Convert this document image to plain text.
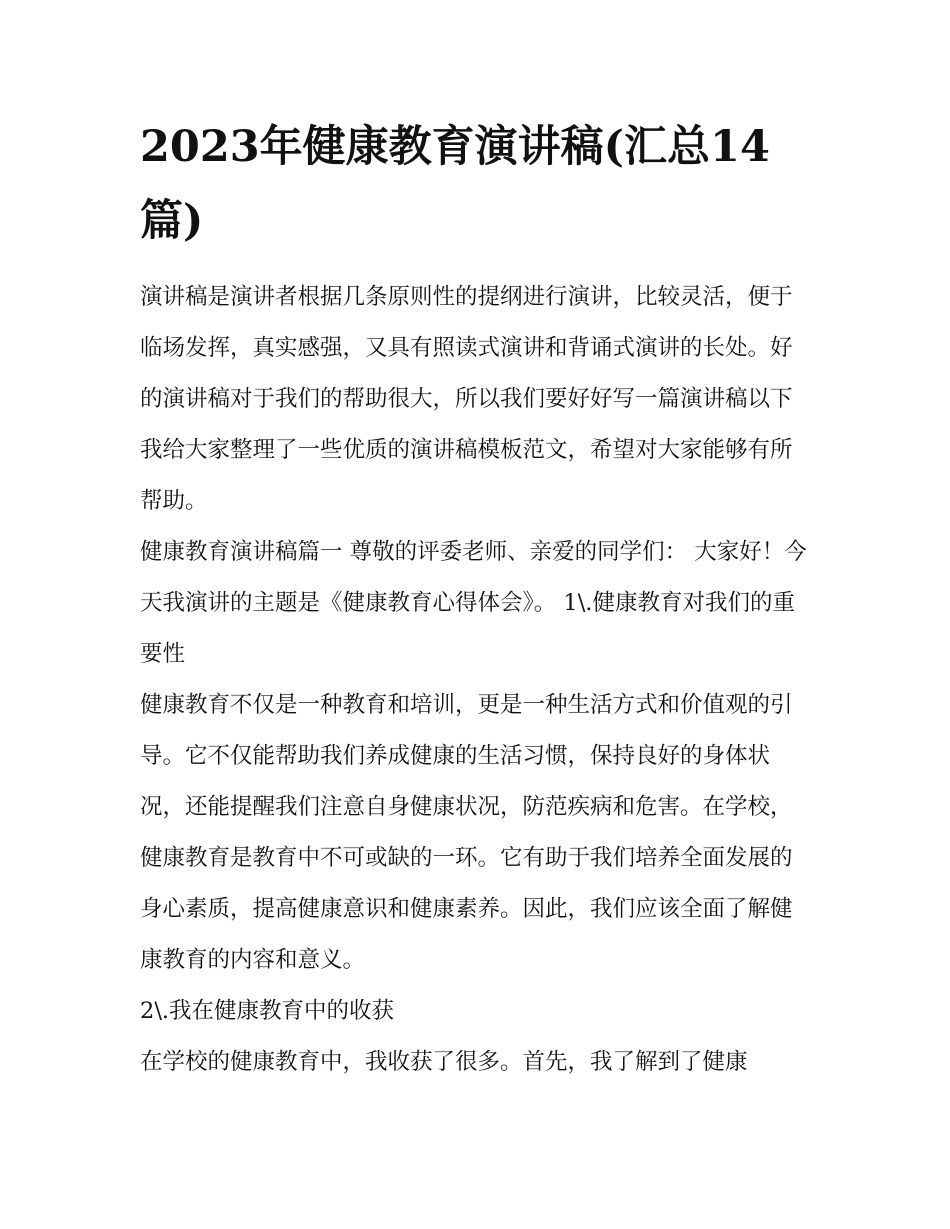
2023年健康教育演讲稿(汇总14篇)

演讲稿是演讲者根据几条原则性的提纲进行演讲，比较灵活，便于临场发挥，真实感强，又具有照读式演讲和背诵式演讲的长处。好的演讲稿对于我们的帮助很大，所以我们要好好写一篇演讲稿以下我给大家整理了一些优质的演讲稿模板范文，希望对大家能够有所帮助。

健康教育演讲稿篇一 尊敬的评委老师、亲爱的同学们： 大家好！今天我演讲的主题是《健康教育心得体会》。 1\.健康教育对我们的重要性

健康教育不仅是一种教育和培训，更是一种生活方式和价值观的引导。它不仅能帮助我们养成健康的生活习惯，保持良好的身体状况，还能提醒我们注意自身健康状况，防范疾病和危害。在学校，健康教育是教育中不可或缺的一环。它有助于我们培养全面发展的身心素质，提高健康意识和健康素养。因此，我们应该全面了解健康教育的内容和意义。

2\.我在健康教育中的收获

在学校的健康教育中，我收获了很多。首先，我了解到了健康
